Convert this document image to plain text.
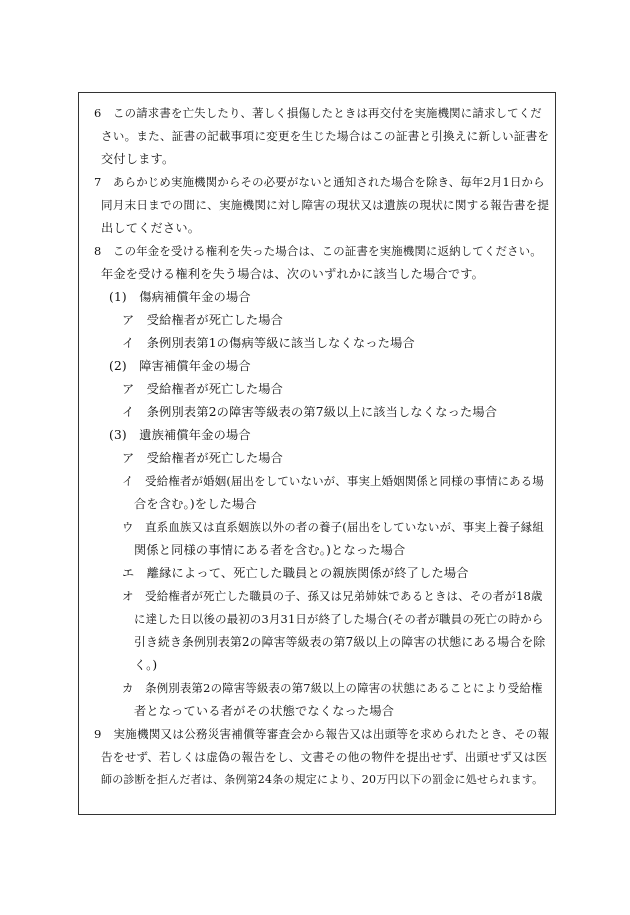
6　この請求書を亡失したり、著しく損傷したときは再交付を実施機関に請求してくだ
さい。また、証書の記載事項に変更を生じた場合はこの証書と引換えに新しい証書を
交付します。
7　あらかじめ実施機関からその必要がないと通知された場合を除き、毎年2月1日から
同月末日までの間に、実施機関に対し障害の現状又は遺族の現状に関する報告書を提
出してください。
8　この年金を受ける権利を失った場合は、この証書を実施機関に返納してください。
年金を受ける権利を失う場合は、次のいずれかに該当した場合です。
(1)　傷病補償年金の場合
ア　受給権者が死亡した場合
イ　条例別表第1の傷病等級に該当しなくなった場合
(2)　障害補償年金の場合
ア　受給権者が死亡した場合
イ　条例別表第2の障害等級表の第7級以上に該当しなくなった場合
(3)　遺族補償年金の場合
ア　受給権者が死亡した場合
イ　受給権者が婚姻(届出をしていないが、事実上婚姻関係と同様の事情にある場
合を含む。)をした場合
ウ　直系血族又は直系姻族以外の者の養子(届出をしていないが、事実上養子縁組
関係と同様の事情にある者を含む。)となった場合
エ　離縁によって、死亡した職員との親族関係が終了した場合
オ　受給権者が死亡した職員の子、孫又は兄弟姉妹であるときは、その者が18歳
に達した日以後の最初の3月31日が終了した場合(その者が職員の死亡の時から
引き続き条例別表第2の障害等級表の第7級以上の障害の状態にある場合を除
く。)
カ　条例別表第2の障害等級表の第7級以上の障害の状態にあることにより受給権
者となっている者がその状態でなくなった場合
9　実施機関又は公務災害補償等審査会から報告又は出頭等を求められたとき、その報
告をせず、若しくは虚偽の報告をし、文書その他の物件を提出せず、出頭せず又は医
師の診断を拒んだ者は、条例第24条の規定により、20万円以下の罰金に処せられます。
